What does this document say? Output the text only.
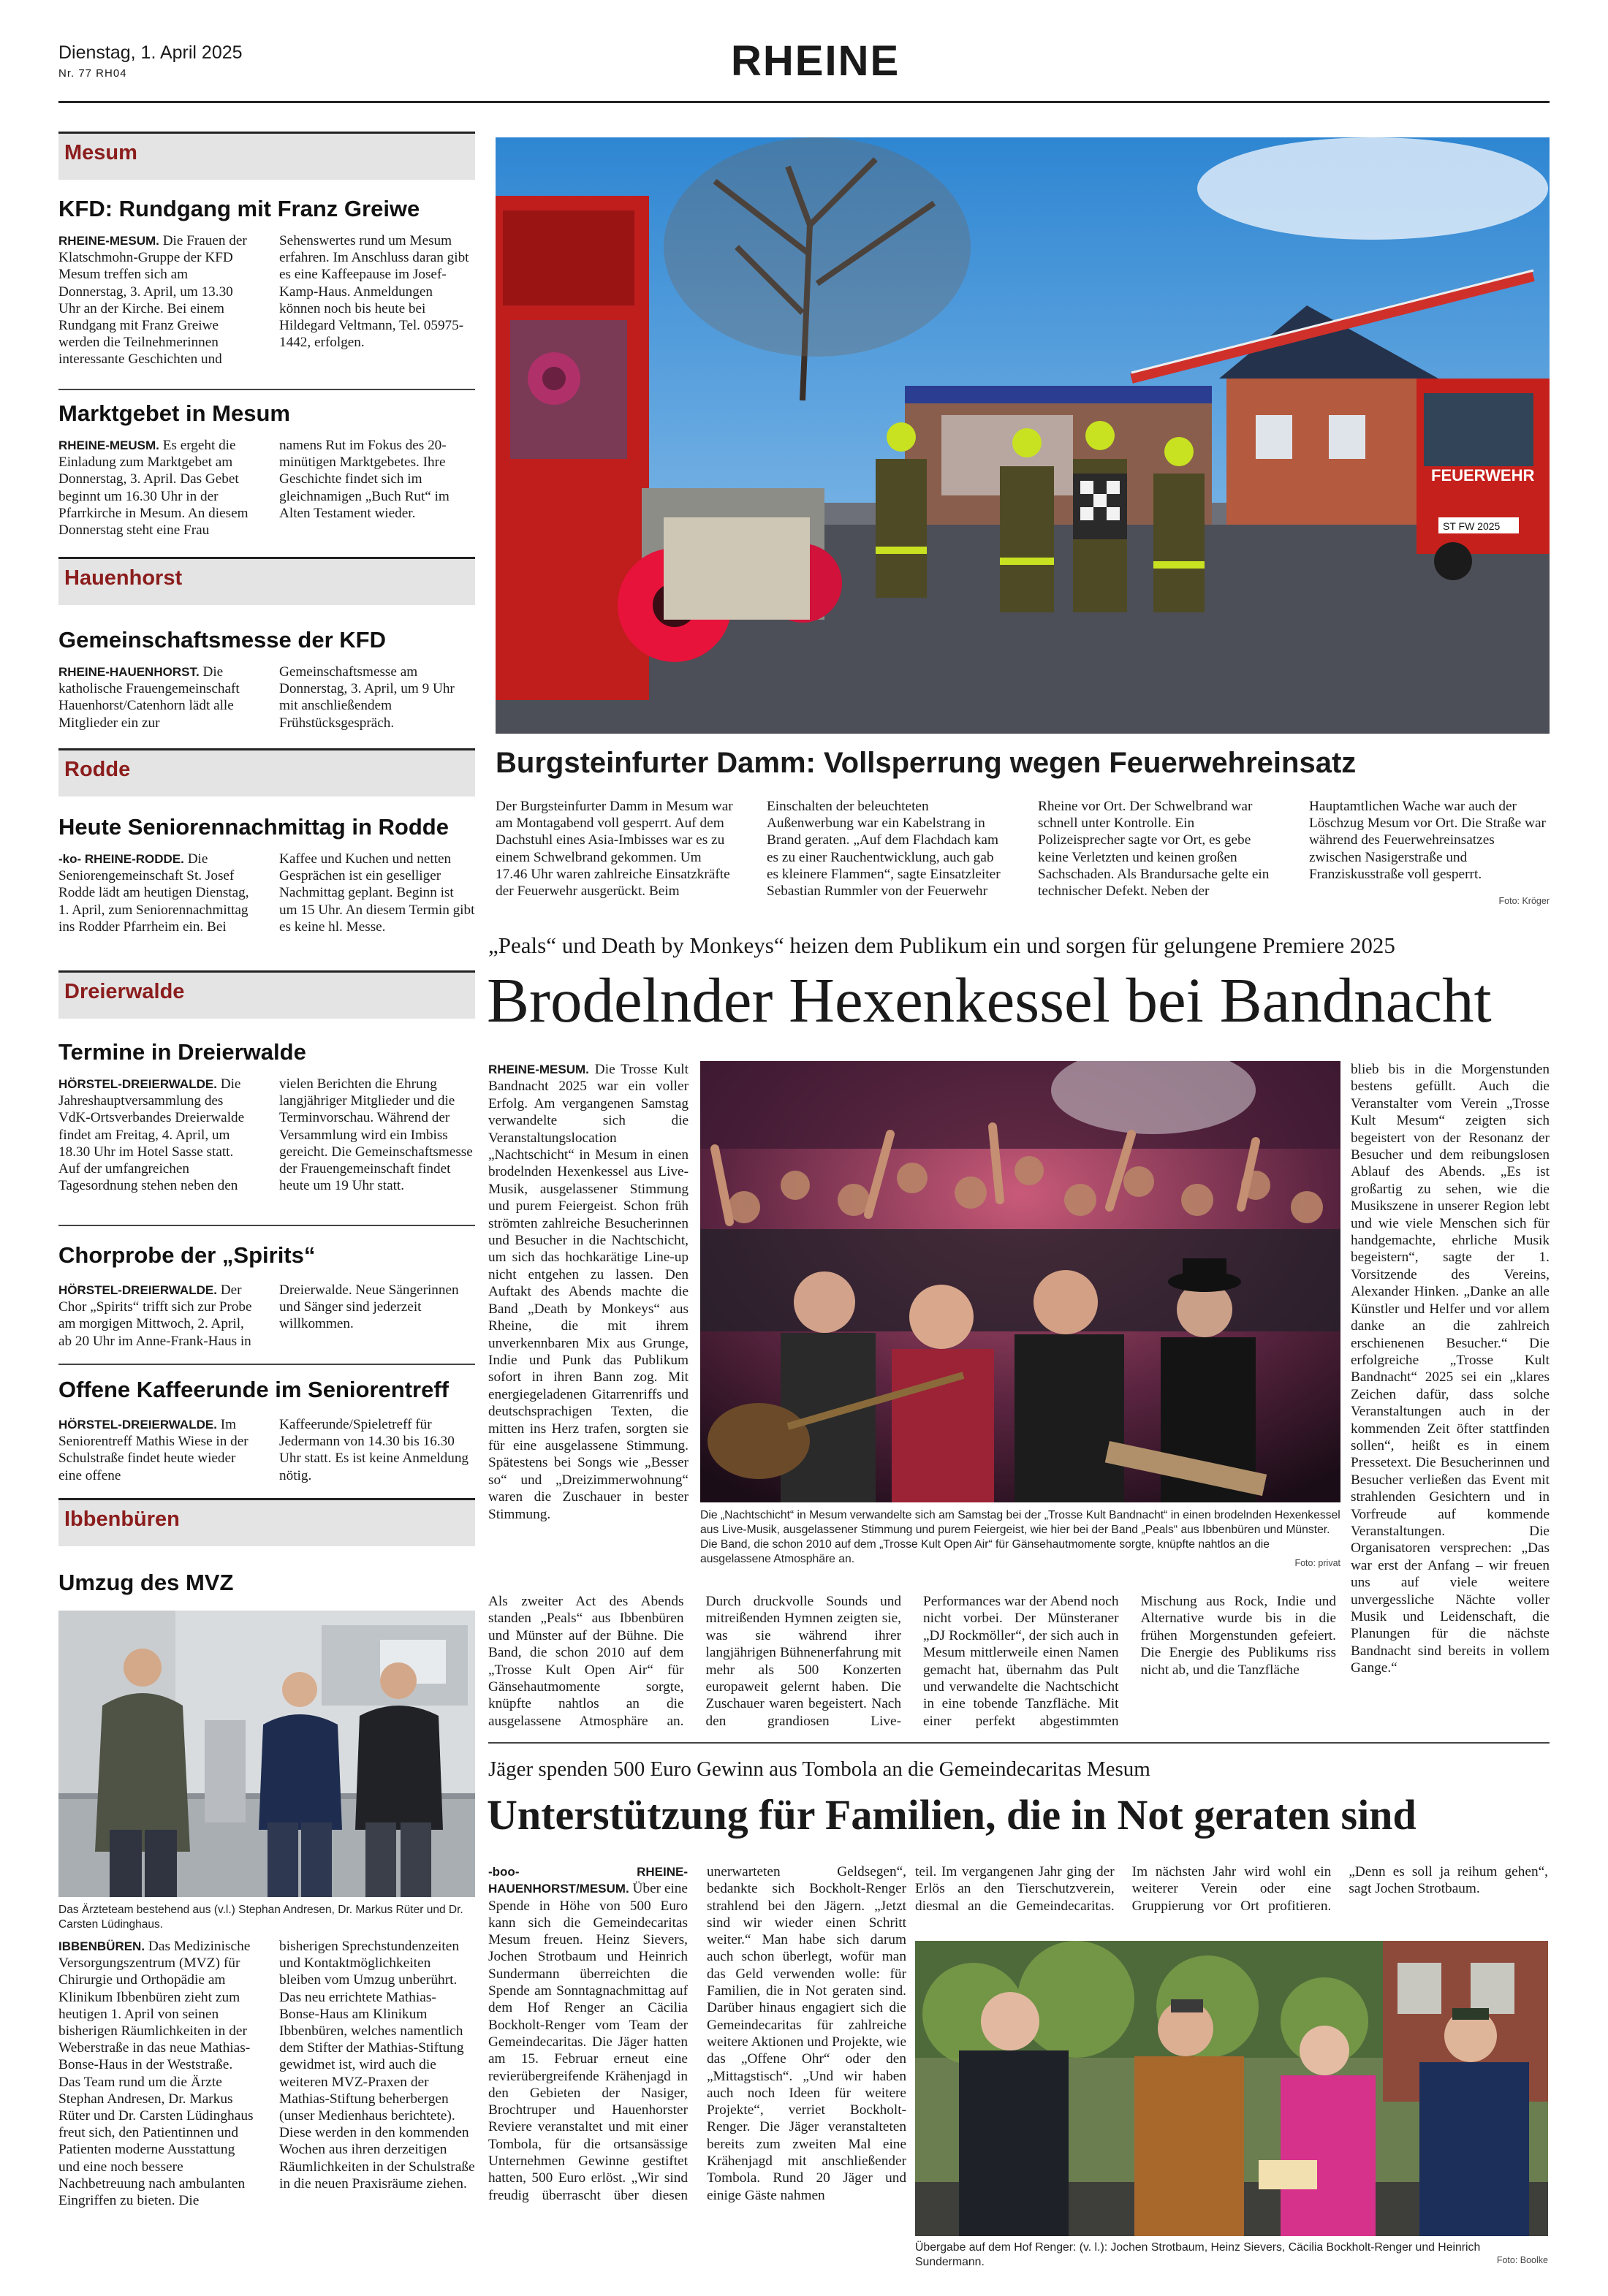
Dienstag, 1. April 2025
Nr. 77 RH04	RHEINE
Mesum
KFD: Rundgang mit Franz Greiwe
RHEINE-MESUM. Die Frauen der Klatschmohn-Gruppe der KFD Mesum treffen sich am Donnerstag, 3. April, um 13.30 Uhr an der Kirche. Bei einem Rundgang mit Franz Greiwe werden die Teilnehmerinnen interessante Geschichten und Sehenswertes rund um Mesum erfahren. Im Anschluss daran gibt es eine Kaffeepause im Josef-Kamp-Haus. Anmeldungen können noch bis heute bei Hildegard Veltmann, Tel. 05975-1442, erfolgen.
Marktgebet in Mesum
RHEINE-MEUSM. Es ergeht die Einladung zum Marktgebet am Donnerstag, 3. April. Das Gebet beginnt um 16.30 Uhr in der Pfarrkirche in Mesum. An diesem Donnerstag steht eine Frau namens Rut im Fokus des 20-minütigen Marktgebetes. Ihre Geschichte findet sich im gleichnamigen „Buch Rut“ im Alten Testament wieder.
Hauenhorst
Gemeinschaftsmesse der KFD
RHEINE-HAUENHORST. Die katholische Frauengemeinschaft Hauenhorst/Catenhorn lädt alle Mitglieder ein zur Gemeinschaftsmesse am Donnerstag, 3. April, um 9 Uhr mit anschließendem Frühstücksgespräch.
Rodde
Heute Seniorennachmittag in Rodde
-ko- RHEINE-RODDE. Die Seniorengemeinschaft St. Josef Rodde lädt am heutigen Dienstag, 1. April, zum Seniorennachmittag ins Rodder Pfarrheim ein. Bei Kaffee und Kuchen und netten Gesprächen ist ein geselliger Nachmittag geplant. Beginn ist um 15 Uhr. An diesem Termin gibt es keine hl. Messe.
Dreierwalde
Termine in Dreierwalde
HÖRSTEL-DREIERWALDE. Die Jahreshauptversammlung des VdK-Ortsverbandes Dreierwalde findet am Freitag, 4. April, um 18.30 Uhr im Hotel Sasse statt. Auf der umfangreichen Tagesordnung stehen neben den vielen Berichten die Ehrung langjähriger Mitglieder und die Terminvorschau. Während der Versammlung wird ein Imbiss gereicht. Die Gemeinschaftsmesse der Frauengemeinschaft findet heute um 19 Uhr statt.
Chorprobe der „Spirits“
HÖRSTEL-DREIERWALDE. Der Chor „Spirits“ trifft sich zur Probe am morgigen Mittwoch, 2. April, ab 20 Uhr im Anne-Frank-Haus in Dreierwalde. Neue Sängerinnen und Sänger sind jederzeit willkommen.
Offene Kaffeerunde im Seniorentreff
HÖRSTEL-DREIERWALDE. Im Seniorentreff Mathis Wiese in der Schulstraße findet heute wieder eine offene Kaffeerunde/Spieletreff für Jedermann von 14.30 bis 16.30 Uhr statt. Es ist keine Anmeldung nötig.
Ibbenbüren
Umzug des MVZ
Das Ärzteteam bestehend aus (v.l.) Stephan Andresen, Dr. Markus Rüter und Dr. Carsten Lüdinghaus.
IBBENBÜREN. Das Medizinische Versorgungszentrum (MVZ) für Chirurgie und Orthopädie am Klinikum Ibbenbüren zieht zum heutigen 1. April von seinen bisherigen Räumlichkeiten in der Weberstraße in das neue Mathias-Bonse-Haus in der Weststraße. Das Team rund um die Ärzte Stephan Andresen, Dr. Markus Rüter und Dr. Carsten Lüdinghaus freut sich, den Patientinnen und Patienten moderne Ausstattung und eine noch bessere Nachbetreuung nach ambulanten Eingriffen zu bieten. Die bisherigen Sprechstundenzeiten und Kontaktmöglichkeiten bleiben vom Umzug unberührt. Das neu errichtete Mathias-Bonse-Haus am Klinikum Ibbenbüren, welches namentlich dem Stifter der Mathias-Stiftung gewidmet ist, wird auch die weiteren MVZ-Praxen der Mathias-Stiftung beherbergen (unser Medienhaus berichtete). Diese werden in den kommenden Wochen aus ihren derzeitigen Räumlichkeiten in der Schulstraße in die neuen Praxisräume ziehen.
FEUERWEHR
ST FW 2025
Burgsteinfurter Damm: Vollsperrung wegen Feuerwehreinsatz
Der Burgsteinfurter Damm in Mesum war am Montagabend voll gesperrt. Auf dem Dachstuhl eines Asia-Imbisses war es zu einem Schwelbrand gekommen. Um 17.46 Uhr waren zahlreiche Einsatzkräfte der Feuerwehr ausgerückt. Beim Einschalten der beleuchteten Außenwerbung war ein Kabelstrang in Brand geraten. „Auf dem Flachdach kam es zu einer Rauchentwicklung, auch gab es kleinere Flammen“, sagte Einsatzleiter Sebastian Rummler von der Feuerwehr Rheine vor Ort. Der Schwelbrand war schnell unter Kontrolle. Ein Polizeisprecher sagte vor Ort, es gebe keine Verletzten und keinen großen Sachschaden. Als Brandursache gelte ein technischer Defekt. Neben der Hauptamtlichen Wache war auch der Löschzug Mesum vor Ort. Die Straße war während des Feuerwehreinsatzes zwischen Nasigerstraße und Franziskusstraße voll gesperrt.
Foto: Kröger
„Peals“ und Death by Monkeys“ heizen dem Publikum ein und sorgen für gelungene Premiere 2025
Brodelnder Hexenkessel bei Bandnacht
RHEINE-MESUM. Die Trosse Kult Bandnacht 2025 war ein voller Erfolg. Am vergangenen Samstag verwandelte sich die Veranstaltungslocation „Nachtschicht“ in Mesum in einen brodelnden Hexenkessel aus Live-Musik, ausgelassener Stimmung und purem Feiergeist. Schon früh strömten zahlreiche Besucherinnen und Besucher in die Nachtschicht, um sich das hochkarätige Line-up nicht entgehen zu lassen. Den Auftakt des Abends machte die Band „Death by Monkeys“ aus Rheine, die mit ihrem unverkennbaren Mix aus Grunge, Indie und Punk das Publikum sofort in ihren Bann zog. Mit energiegeladenen Gitarrenriffs und deutschsprachigen Texten, die mitten ins Herz trafen, sorgten sie für eine ausgelassene Stimmung. Spätestens bei Songs wie „Besser so“ und „Dreizimmerwohnung“ waren die Zuschauer in bester Stimmung.	Die „Nachtschicht“ in Mesum verwandelte sich am Samstag bei der „Trosse Kult Bandnacht“ in einen brodelnden Hexenkessel aus Live-Musik, ausgelassener Stimmung und purem Feiergeist, wie hier bei der Band „Peals“ aus Ibbenbüren und Münster. Die Band, die schon 2010 auf dem „Trosse Kult Open Air“ für Gänsehautmomente sorgte, knüpfte nahtlos an die ausgelassene Atmosphäre an.	Foto: privat
blieb bis in die Morgenstunden bestens gefüllt. Auch die Veranstalter vom Verein „Trosse Kult Mesum“ zeigten sich begeistert von der Resonanz der Besucher und dem reibungslosen Ablauf des Abends. „Es ist großartig zu sehen, wie die Musikszene in unserer Region lebt und wie viele Menschen sich für handgemachte, ehrliche Musik begeistern“, sagte der 1. Vorsitzende des Vereins, Alexander Hinken. „Danke an alle Künstler und Helfer und vor allem danke an die zahlreich erschienenen Besucher.“ Die erfolgreiche „Trosse Kult Bandnacht“ 2025 sei ein „klares Zeichen dafür, dass solche Veranstaltungen auch in der kommenden Zeit öfter stattfinden sollen“, heißt es in einem Pressetext. Die Besucherinnen und Besucher verließen das Event mit strahlenden Gesichtern und in Vorfreude auf kommende Veranstaltungen. Die Organisatoren versprechen: „Das war erst der Anfang – wir freuen uns auf viele weitere unvergessliche Nächte voller Musik und Leidenschaft, die Planungen für die nächste Bandnacht sind bereits in vollem Gange.“
Als zweiter Act des Abends standen „Peals“ aus Ibbenbüren und Münster auf der Bühne. Die Band, die schon 2010 auf dem „Trosse Kult Open Air“ für Gänsehautmomente sorgte, knüpfte nahtlos an die ausgelassene Atmosphäre an. Durch druckvolle Sounds und mitreißenden Hymnen zeigten sie, was sie während ihrer langjährigen Bühnenerfahrung mit mehr als 500 Konzerten europaweit gelernt haben. Die Zuschauer waren begeistert. Nach den grandiosen Live-Performances war der Abend noch nicht vorbei. Der Münsteraner „DJ Rockmöller“, der sich auch in Mesum mittlerweile einen Namen gemacht hat, übernahm das Pult und verwandelte die Nachtschicht in eine tobende Tanzfläche. Mit einer perfekt abgestimmten Mischung aus Rock, Indie und Alternative wurde bis in die frühen Morgenstunden gefeiert. Die Energie des Publikums riss nicht ab, und die Tanzfläche
Jäger spenden 500 Euro Gewinn aus Tombola an die Gemeindecaritas Mesum
Unterstützung für Familien, die in Not geraten sind
-boo- RHEINE-HAUENHORST/MESUM. Über eine Spende in Höhe von 500 Euro kann sich die Gemeindecaritas Mesum freuen. Heinz Sievers, Jochen Strotbaum und Heinrich Sundermann überreichten die Spende am Sonntagnachmittag auf dem Hof Renger an Cäcilia Bockholt-Renger vom Team der Gemeindecaritas. Die Jäger hatten am 15. Februar erneut eine revierübergreifende Krähenjagd in den Gebieten der Nasiger, Brochtruper und Hauenhorster Reviere veranstaltet und mit einer Tombola, für die ortsansässige Unternehmen Gewinne gestiftet hatten, 500 Euro erlöst. „Wir sind freudig überrascht über diesen unerwarteten Geldsegen“, bedankte sich Bockholt-Renger strahlend bei den Jägern. „Jetzt sind wir wieder einen Schritt weiter.“ Man habe sich darum auch schon überlegt, wofür man das Geld verwenden wolle: für Familien, die in Not geraten sind. Darüber hinaus engagiert sich die Gemeindecaritas für zahlreiche weitere Aktionen und Projekte, wie das „Offene Ohr“ oder den „Mittagstisch“. „Und wir haben auch noch Ideen für weitere Projekte“, verriet Bockholt-Renger. Die Jäger veranstalteten bereits zum zweiten Mal eine Krähenjagd mit anschließender Tombola. Rund 20 Jäger und einige Gäste nahmen
teil. Im vergangenen Jahr ging der Erlös an den Tierschutzverein, diesmal an die Gemeindecaritas. Im nächsten Jahr wird wohl ein weiterer Verein oder eine Gruppierung vor Ort profitieren. „Denn es soll ja reihum gehen“, sagt Jochen Strotbaum.
Übergabe auf dem Hof Renger: (v. l.): Jochen Strotbaum, Heinz Sievers, Cäcilia Bockholt-Renger und Heinrich Sundermann.	Foto: Boolke
